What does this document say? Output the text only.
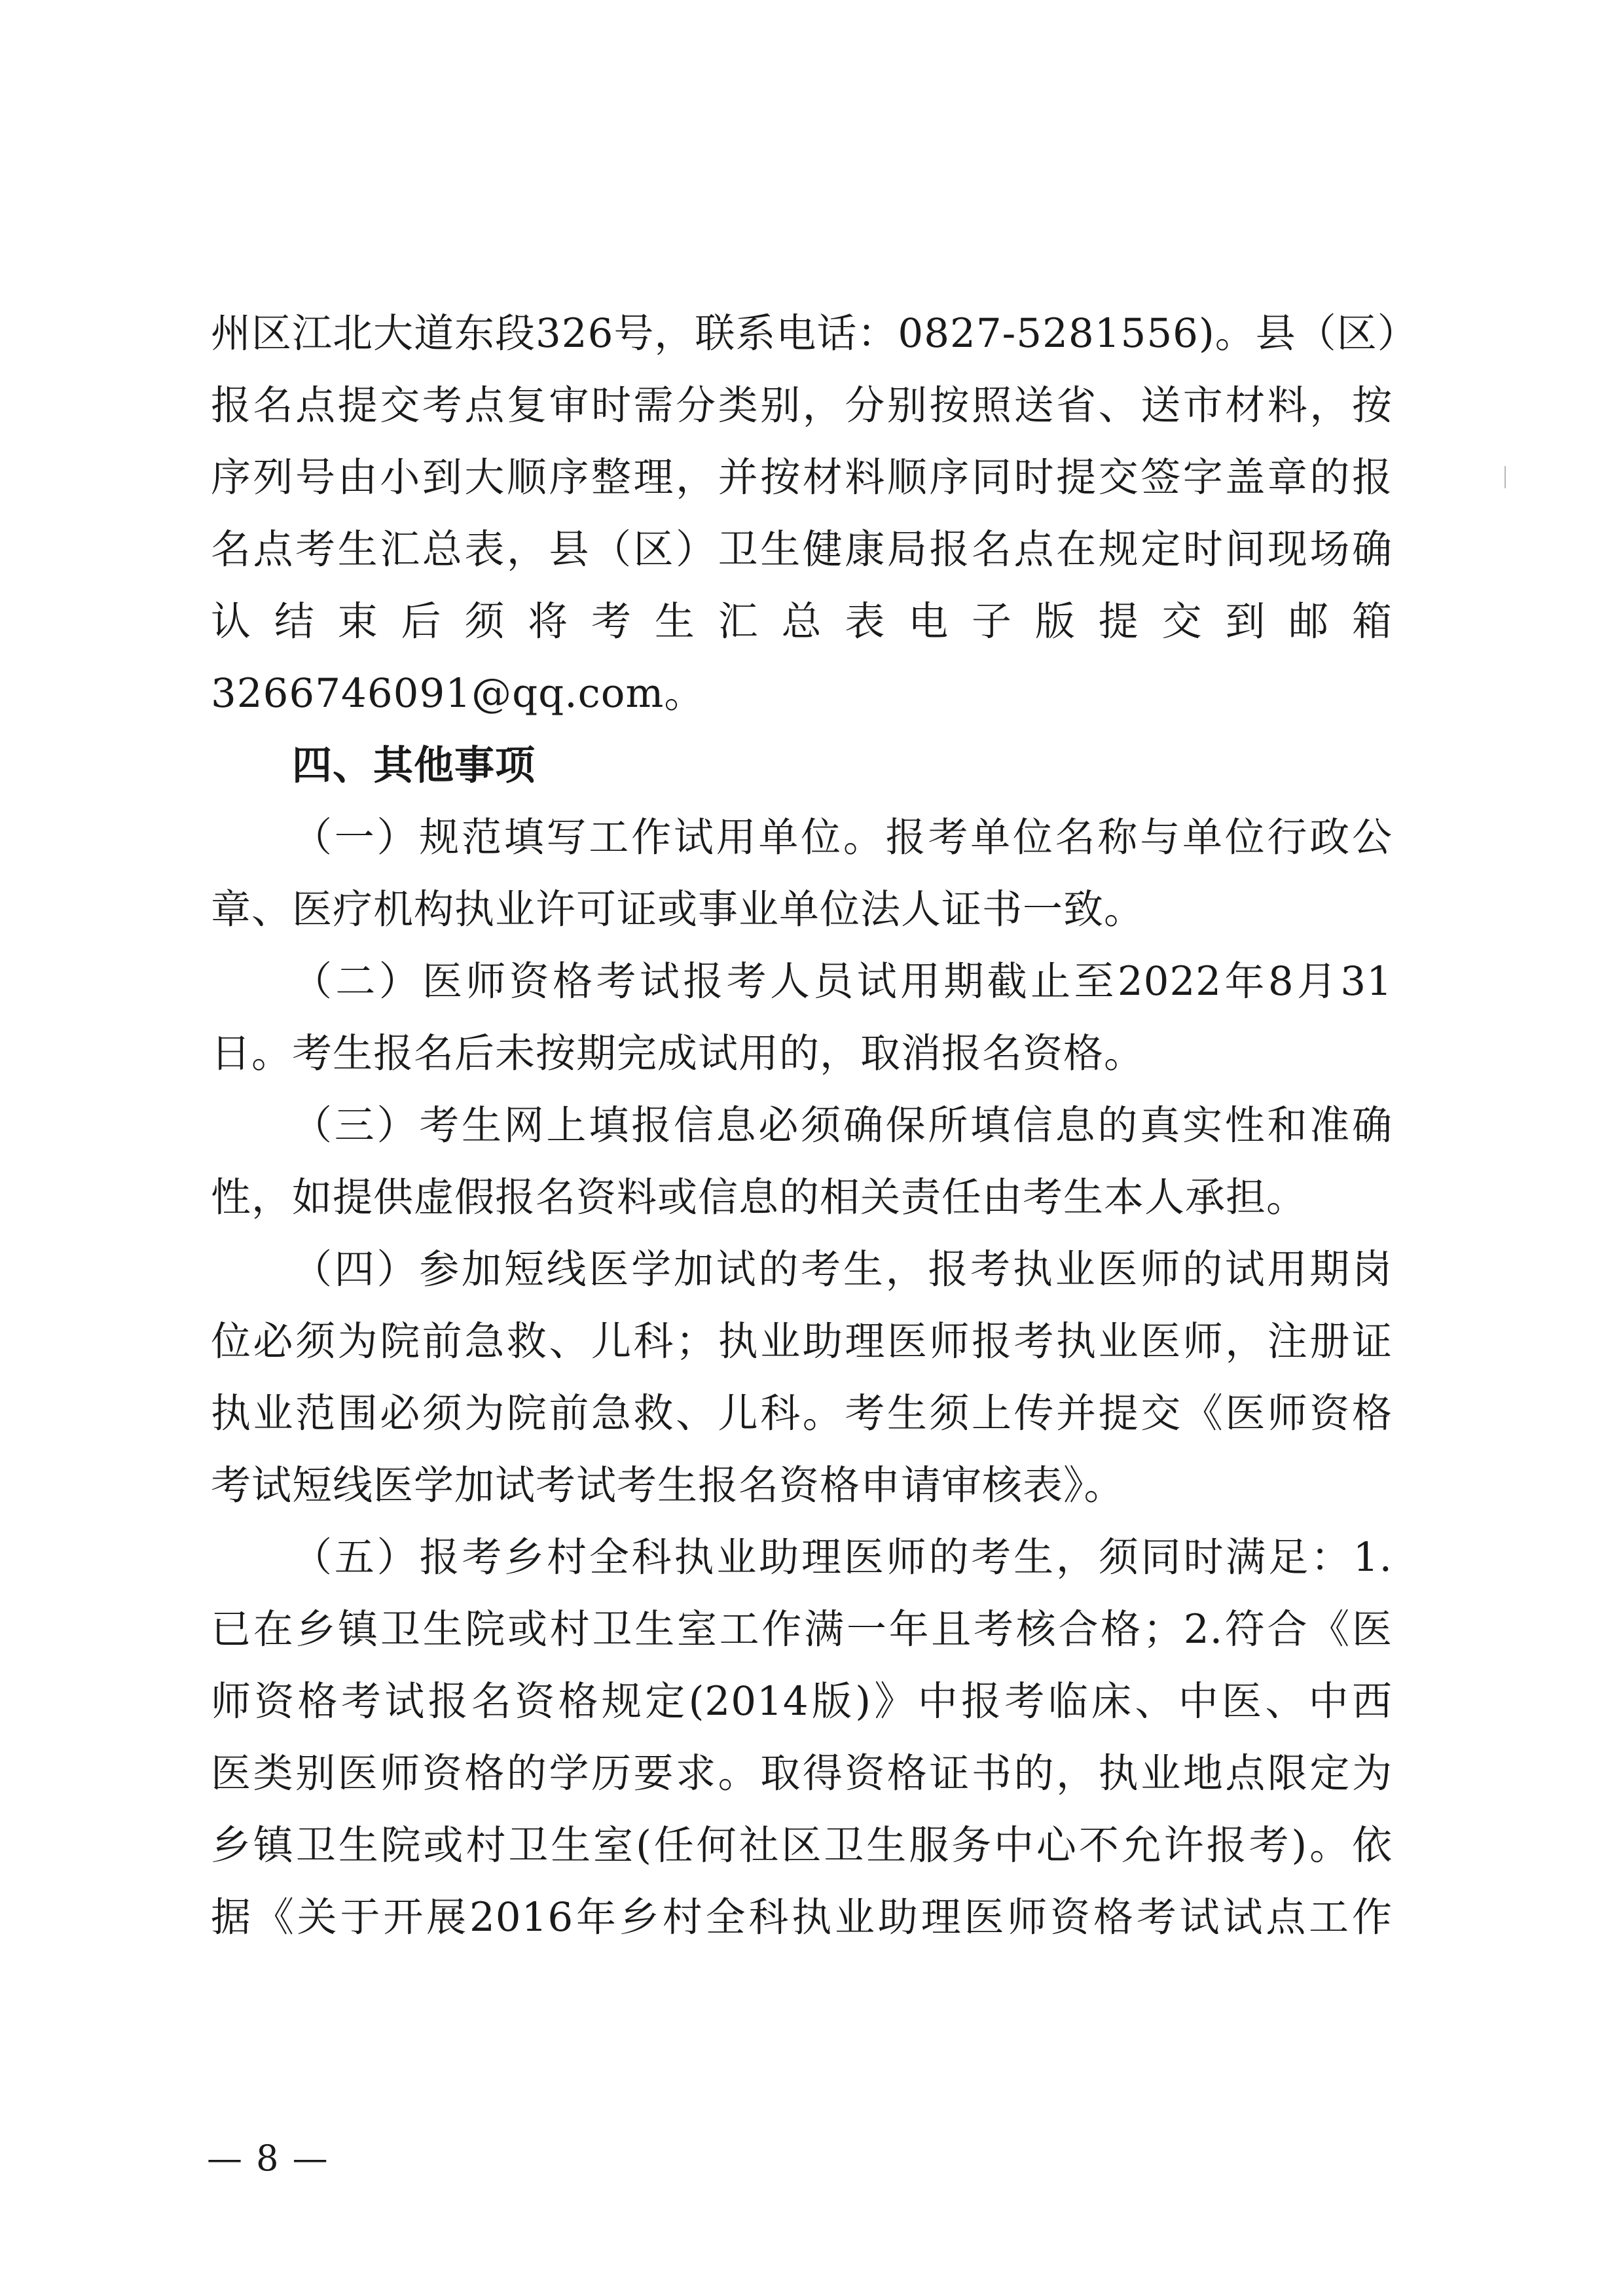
州区江北大道东段326号，联系电话：0827-5281556)。县（区）
报名点提交考点复审时需分类别，分别按照送省、送市材料，按
序列号由小到大顺序整理，并按材料顺序同时提交签字盖章的报
名点考生汇总表，县（区）卫生健康局报名点在规定时间现场确
认结束后须将考生汇总表电子版提交到邮箱
3266746091@qq.com。
四、其他事项
（一）规范填写工作试用单位。报考单位名称与单位行政公
章、医疗机构执业许可证或事业单位法人证书一致。
（二）医师资格考试报考人员试用期截止至2022年8月31
日。考生报名后未按期完成试用的，取消报名资格。
（三）考生网上填报信息必须确保所填信息的真实性和准确
性，如提供虚假报名资料或信息的相关责任由考生本人承担。
（四）参加短线医学加试的考生，报考执业医师的试用期岗
位必须为院前急救、儿科；执业助理医师报考执业医师，注册证
执业范围必须为院前急救、儿科。考生须上传并提交《医师资格
考试短线医学加试考试考生报名资格申请审核表》。
（五）报考乡村全科执业助理医师的考生，须同时满足：1.
已在乡镇卫生院或村卫生室工作满一年且考核合格；2.符合《医
师资格考试报名资格规定(2014版)》中报考临床、中医、中西
医类别医师资格的学历要求。取得资格证书的，执业地点限定为
乡镇卫生院或村卫生室(任何社区卫生服务中心不允许报考)。依
据《关于开展2016年乡村全科执业助理医师资格考试试点工作
— 8 —
